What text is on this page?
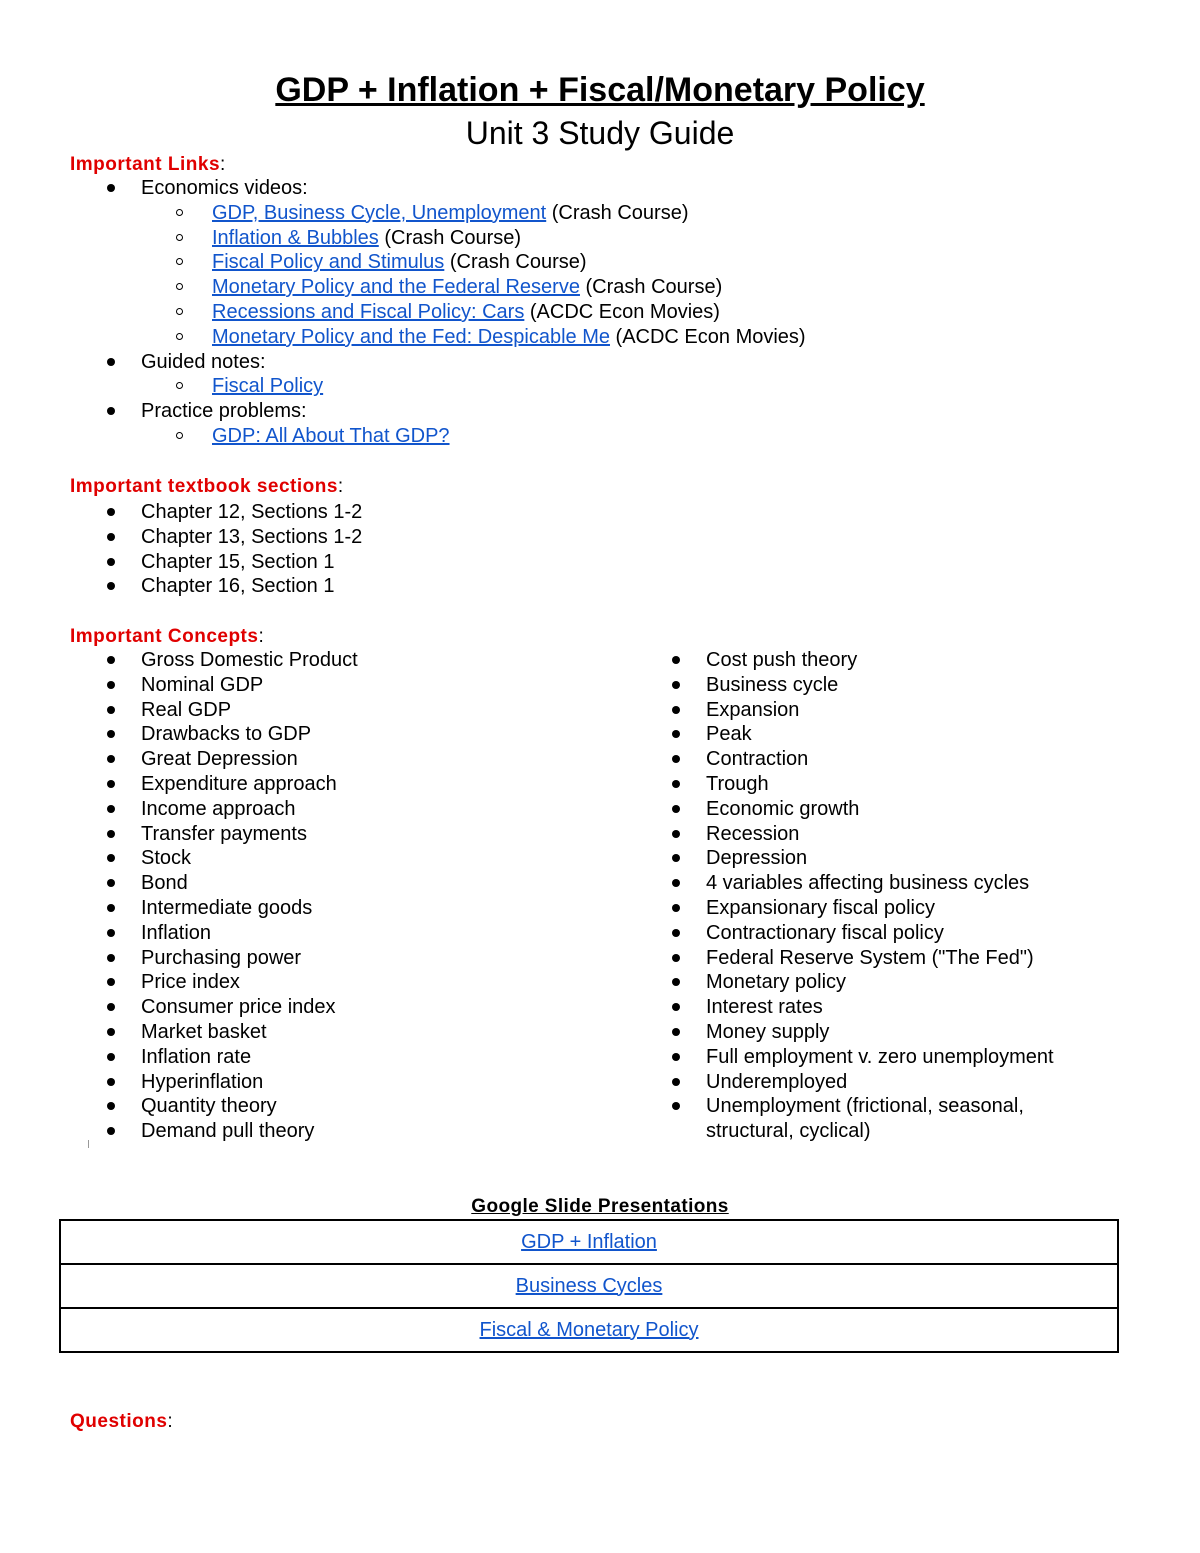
GDP + Inflation + Fiscal/Monetary Policy
Unit 3 Study Guide
Important Links:
Economics videos:
GDP, Business Cycle, Unemployment (Crash Course)
Inflation & Bubbles (Crash Course)
Fiscal Policy and Stimulus (Crash Course)
Monetary Policy and the Federal Reserve (Crash Course)
Recessions and Fiscal Policy: Cars (ACDC Econ Movies)
Monetary Policy and the Fed: Despicable Me (ACDC Econ Movies)
Guided notes:
Fiscal Policy
Practice problems:
GDP: All About That GDP?
Important textbook sections:
Chapter 12, Sections 1-2
Chapter 13, Sections 1-2
Chapter 15, Section 1
Chapter 16, Section 1
Important Concepts:
Gross Domestic Product
Nominal GDP
Real GDP
Drawbacks to GDP
Great Depression
Expenditure approach
Income approach
Transfer payments
Stock
Bond
Intermediate goods
Inflation
Purchasing power
Price index
Consumer price index
Market basket
Inflation rate
Hyperinflation
Quantity theory
Demand pull theory
Cost push theory
Business cycle
Expansion
Peak
Contraction
Trough
Economic growth
Recession
Depression
4 variables affecting business cycles
Expansionary fiscal policy
Contractionary fiscal policy
Federal Reserve System ("The Fed")
Monetary policy
Interest rates
Money supply
Full employment v. zero unemployment
Underemployed
Unemployment (frictional, seasonal, structural, cyclical)
Google Slide Presentations
GDP + Inflation
Business Cycles
Fiscal & Monetary Policy
Questions:
